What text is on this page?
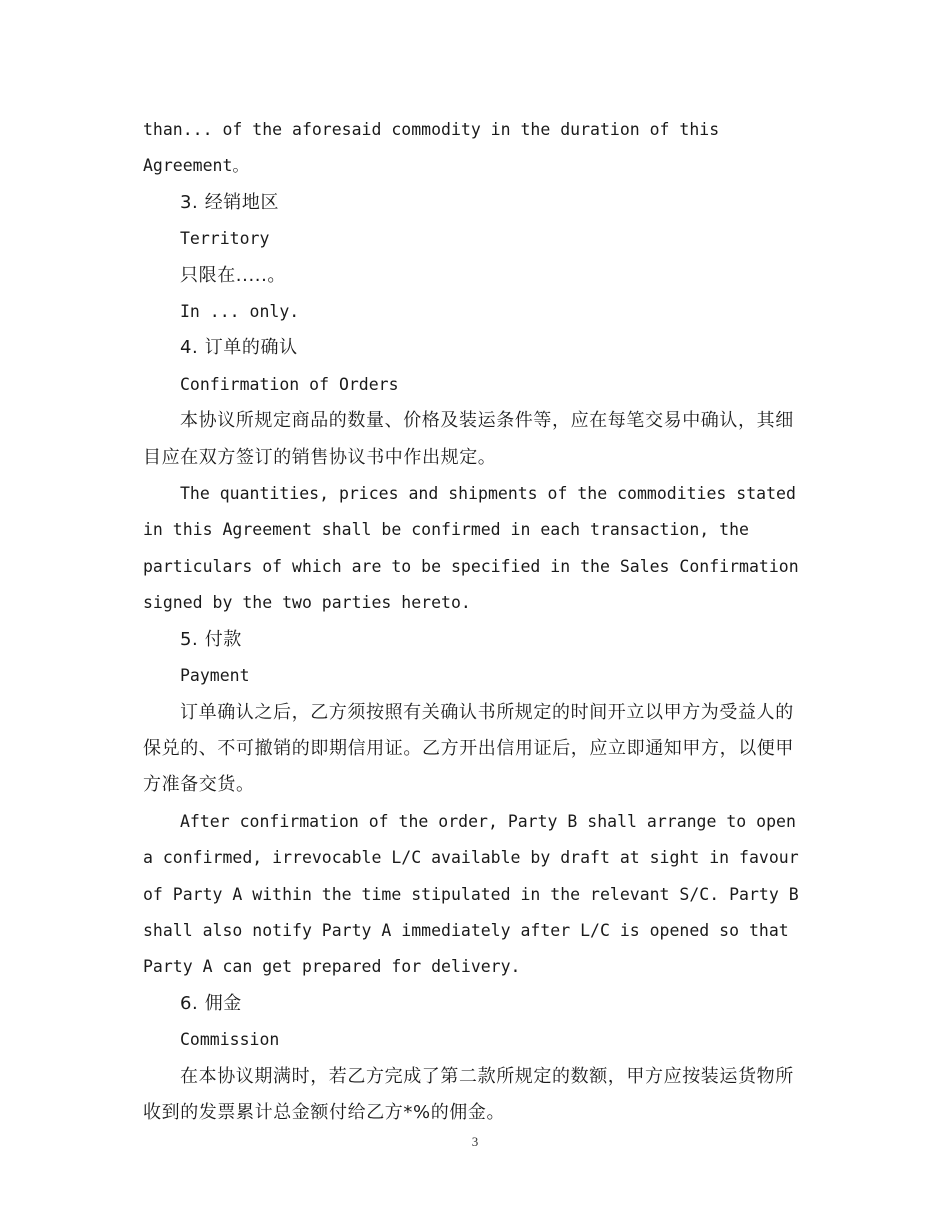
than... of the aforesaid commodity in the duration of this Agreement。

3. 经销地区

Territory

只限在.....。

In ... only.

4. 订单的确认

Confirmation of Orders

本协议所规定商品的数量、价格及装运条件等，应在每笔交易中确认，其细目应在双方签订的销售协议书中作出规定。

The quantities, prices and shipments of the commodities stated in this Agreement shall be confirmed in each transaction, the particulars of which are to be specified in the Sales Confirmation signed by the two parties hereto.

5. 付款

Payment

订单确认之后，乙方须按照有关确认书所规定的时间开立以甲方为受益人的保兑的、不可撤销的即期信用证。乙方开出信用证后，应立即通知甲方，以便甲方准备交货。

After confirmation of the order, Party B shall arrange to open a confirmed, irrevocable L/C available by draft at sight in favour of Party A within the time stipulated in the relevant S/C. Party B shall also notify Party A immediately after L/C is opened so that Party A can get prepared for delivery.

6. 佣金

Commission

在本协议期满时，若乙方完成了第二款所规定的数额，甲方应按装运货物所收到的发票累计总金额付给乙方*%的佣金。

3
